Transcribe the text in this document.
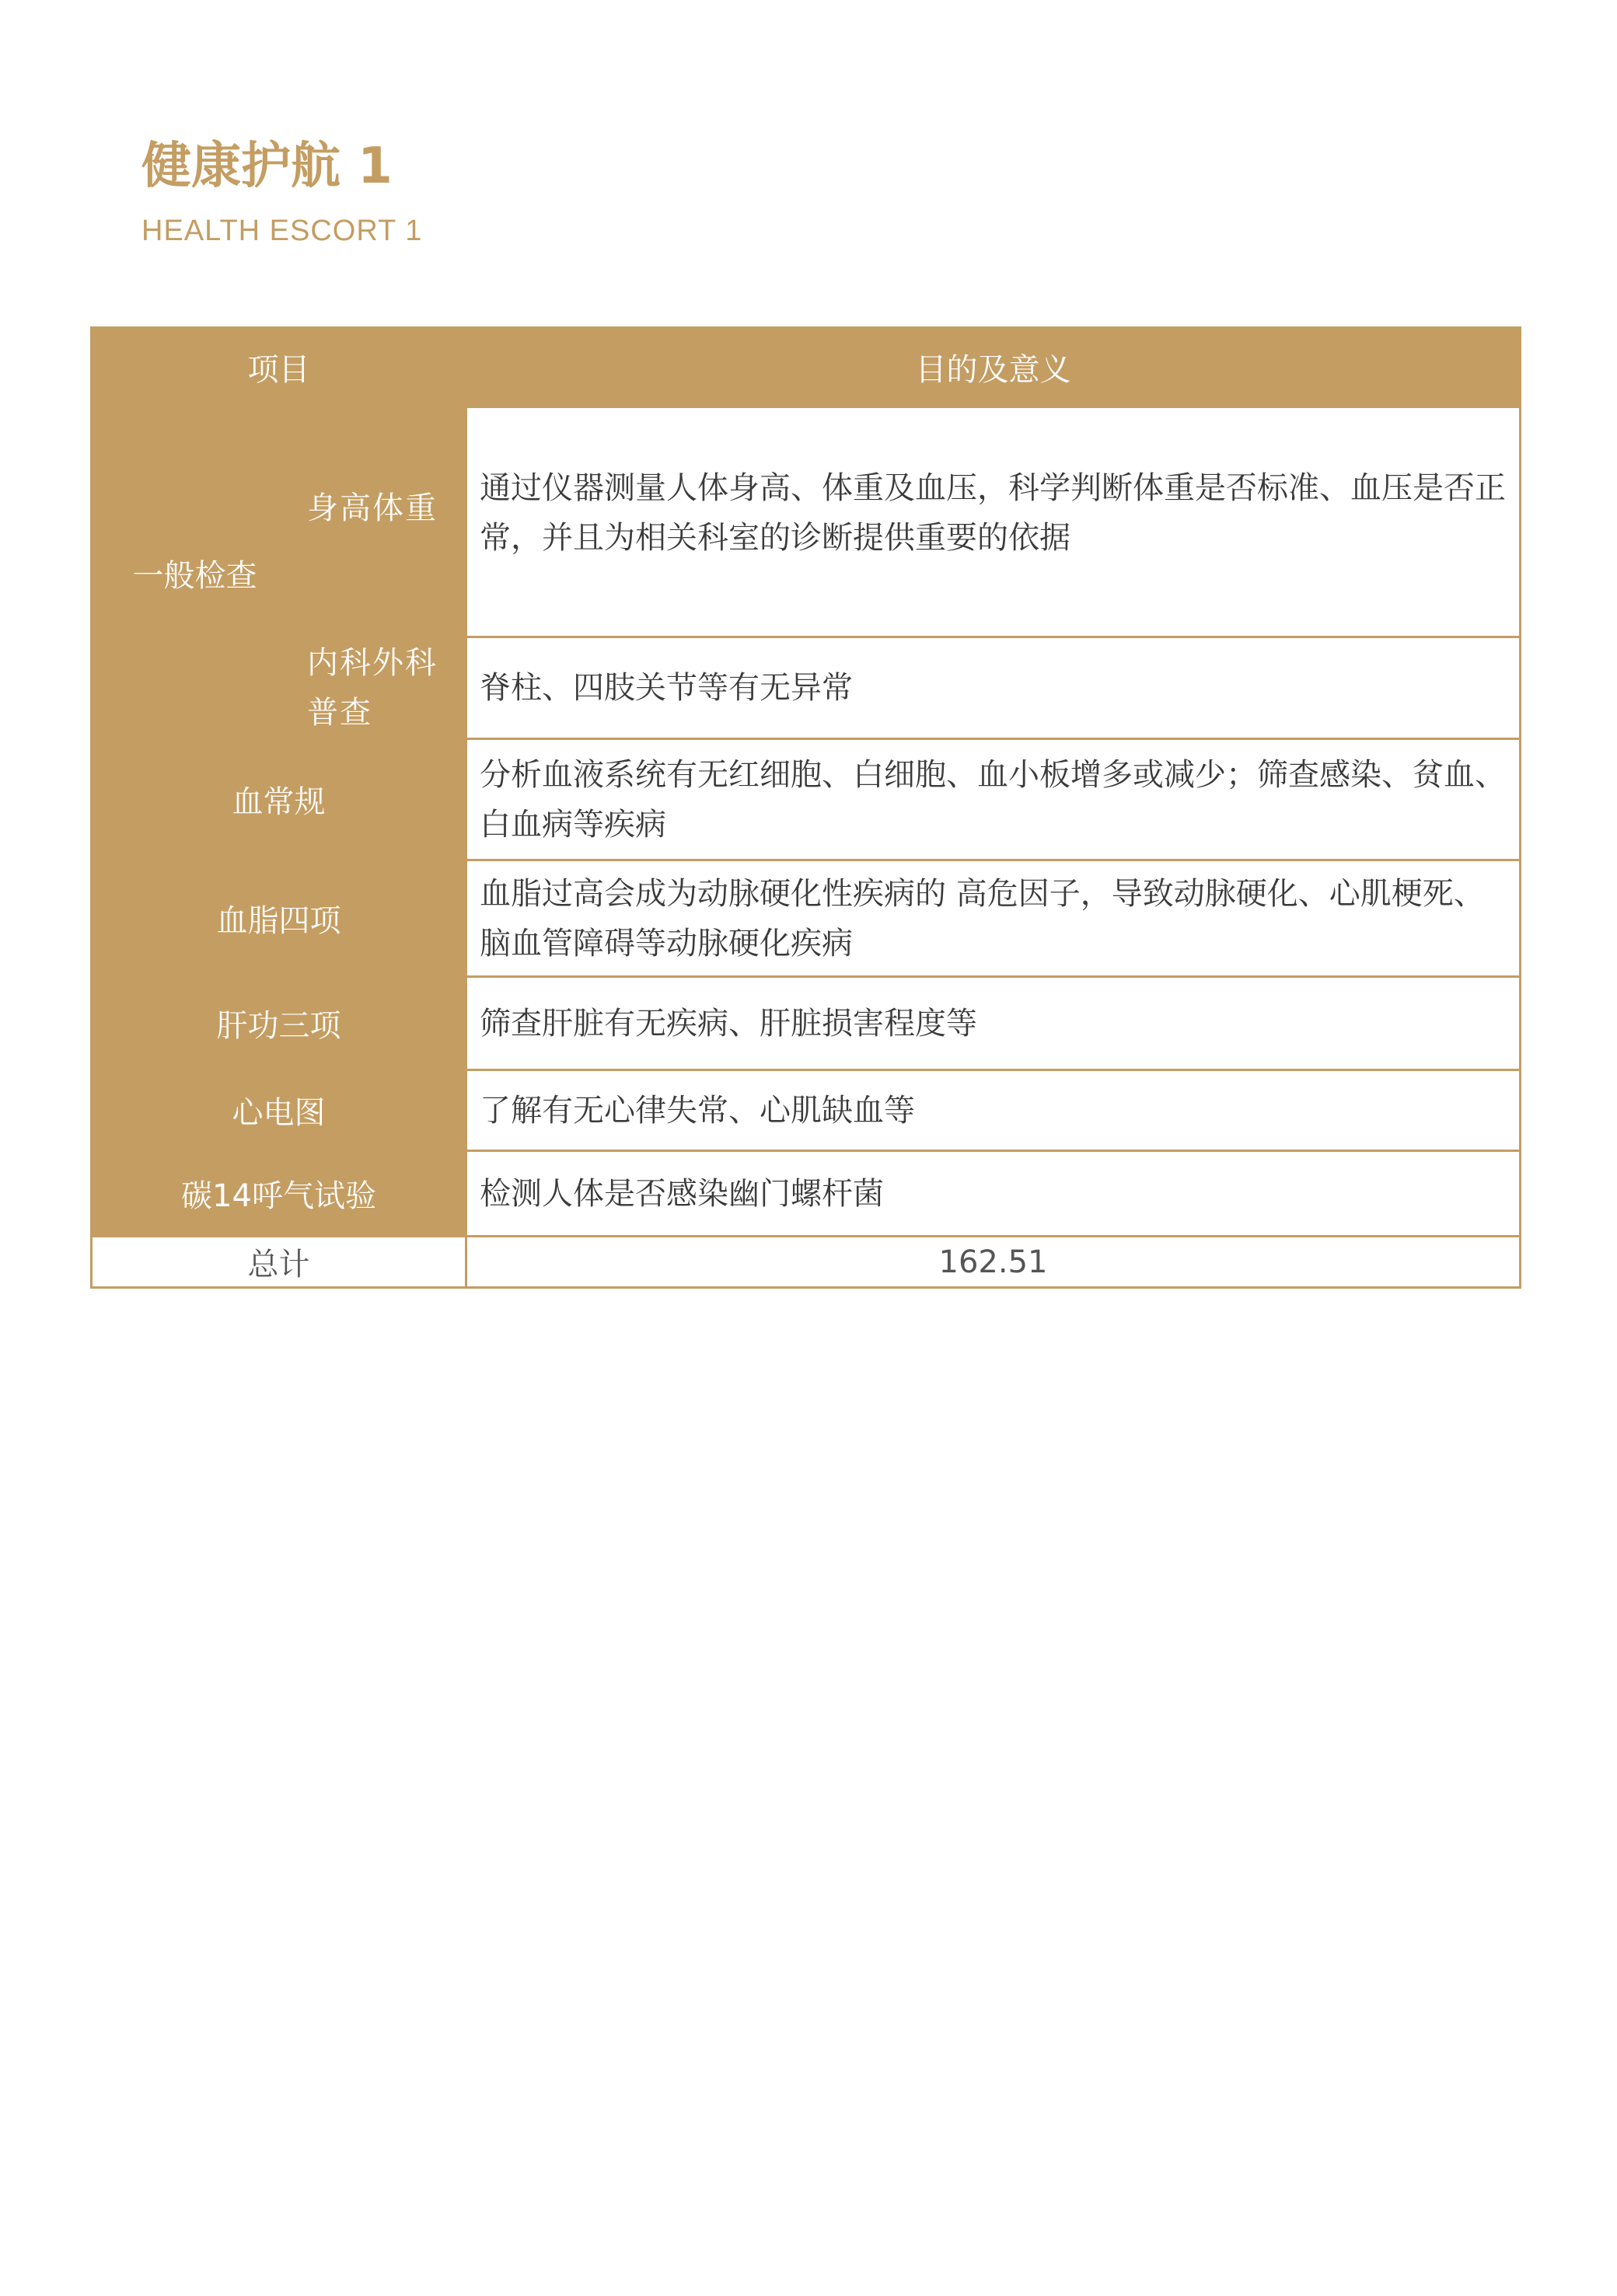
健康护航 1
HEALTH ESCORT 1
项目		目的及意义
一般检查	身高体重	通过仪器测量人体身高、体重及血压，科学判断体重是否标准、血压是否正常，并且为相关科室的诊断提供重要的依据
	内科外科普查	脊柱、四肢关节等有无异常
血常规		分析血液系统有无红细胞、白细胞、血小板增多或减少；筛查感染、贫血、白血病等疾病
血脂四项		血脂过高会成为动脉硬化性疾病的 高危因子，导致动脉硬化、心肌梗死、脑血管障碍等动脉硬化疾病
肝功三项		筛查肝脏有无疾病、肝脏损害程度等
心电图		了解有无心律失常、心肌缺血等
碳14呼气试验		检测人体是否感染幽门螺杆菌
总计		162.51
